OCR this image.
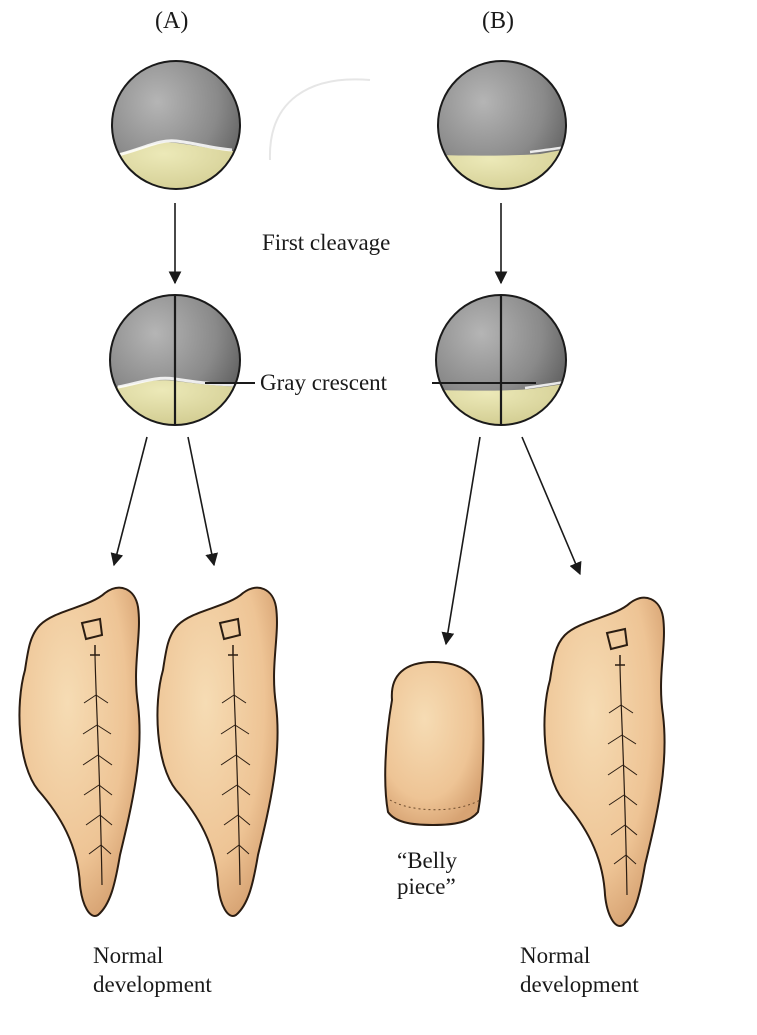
(A)	(B)
First cleavage
Gray crescent
“Belly
piece”
Normal
development
Normal
development
